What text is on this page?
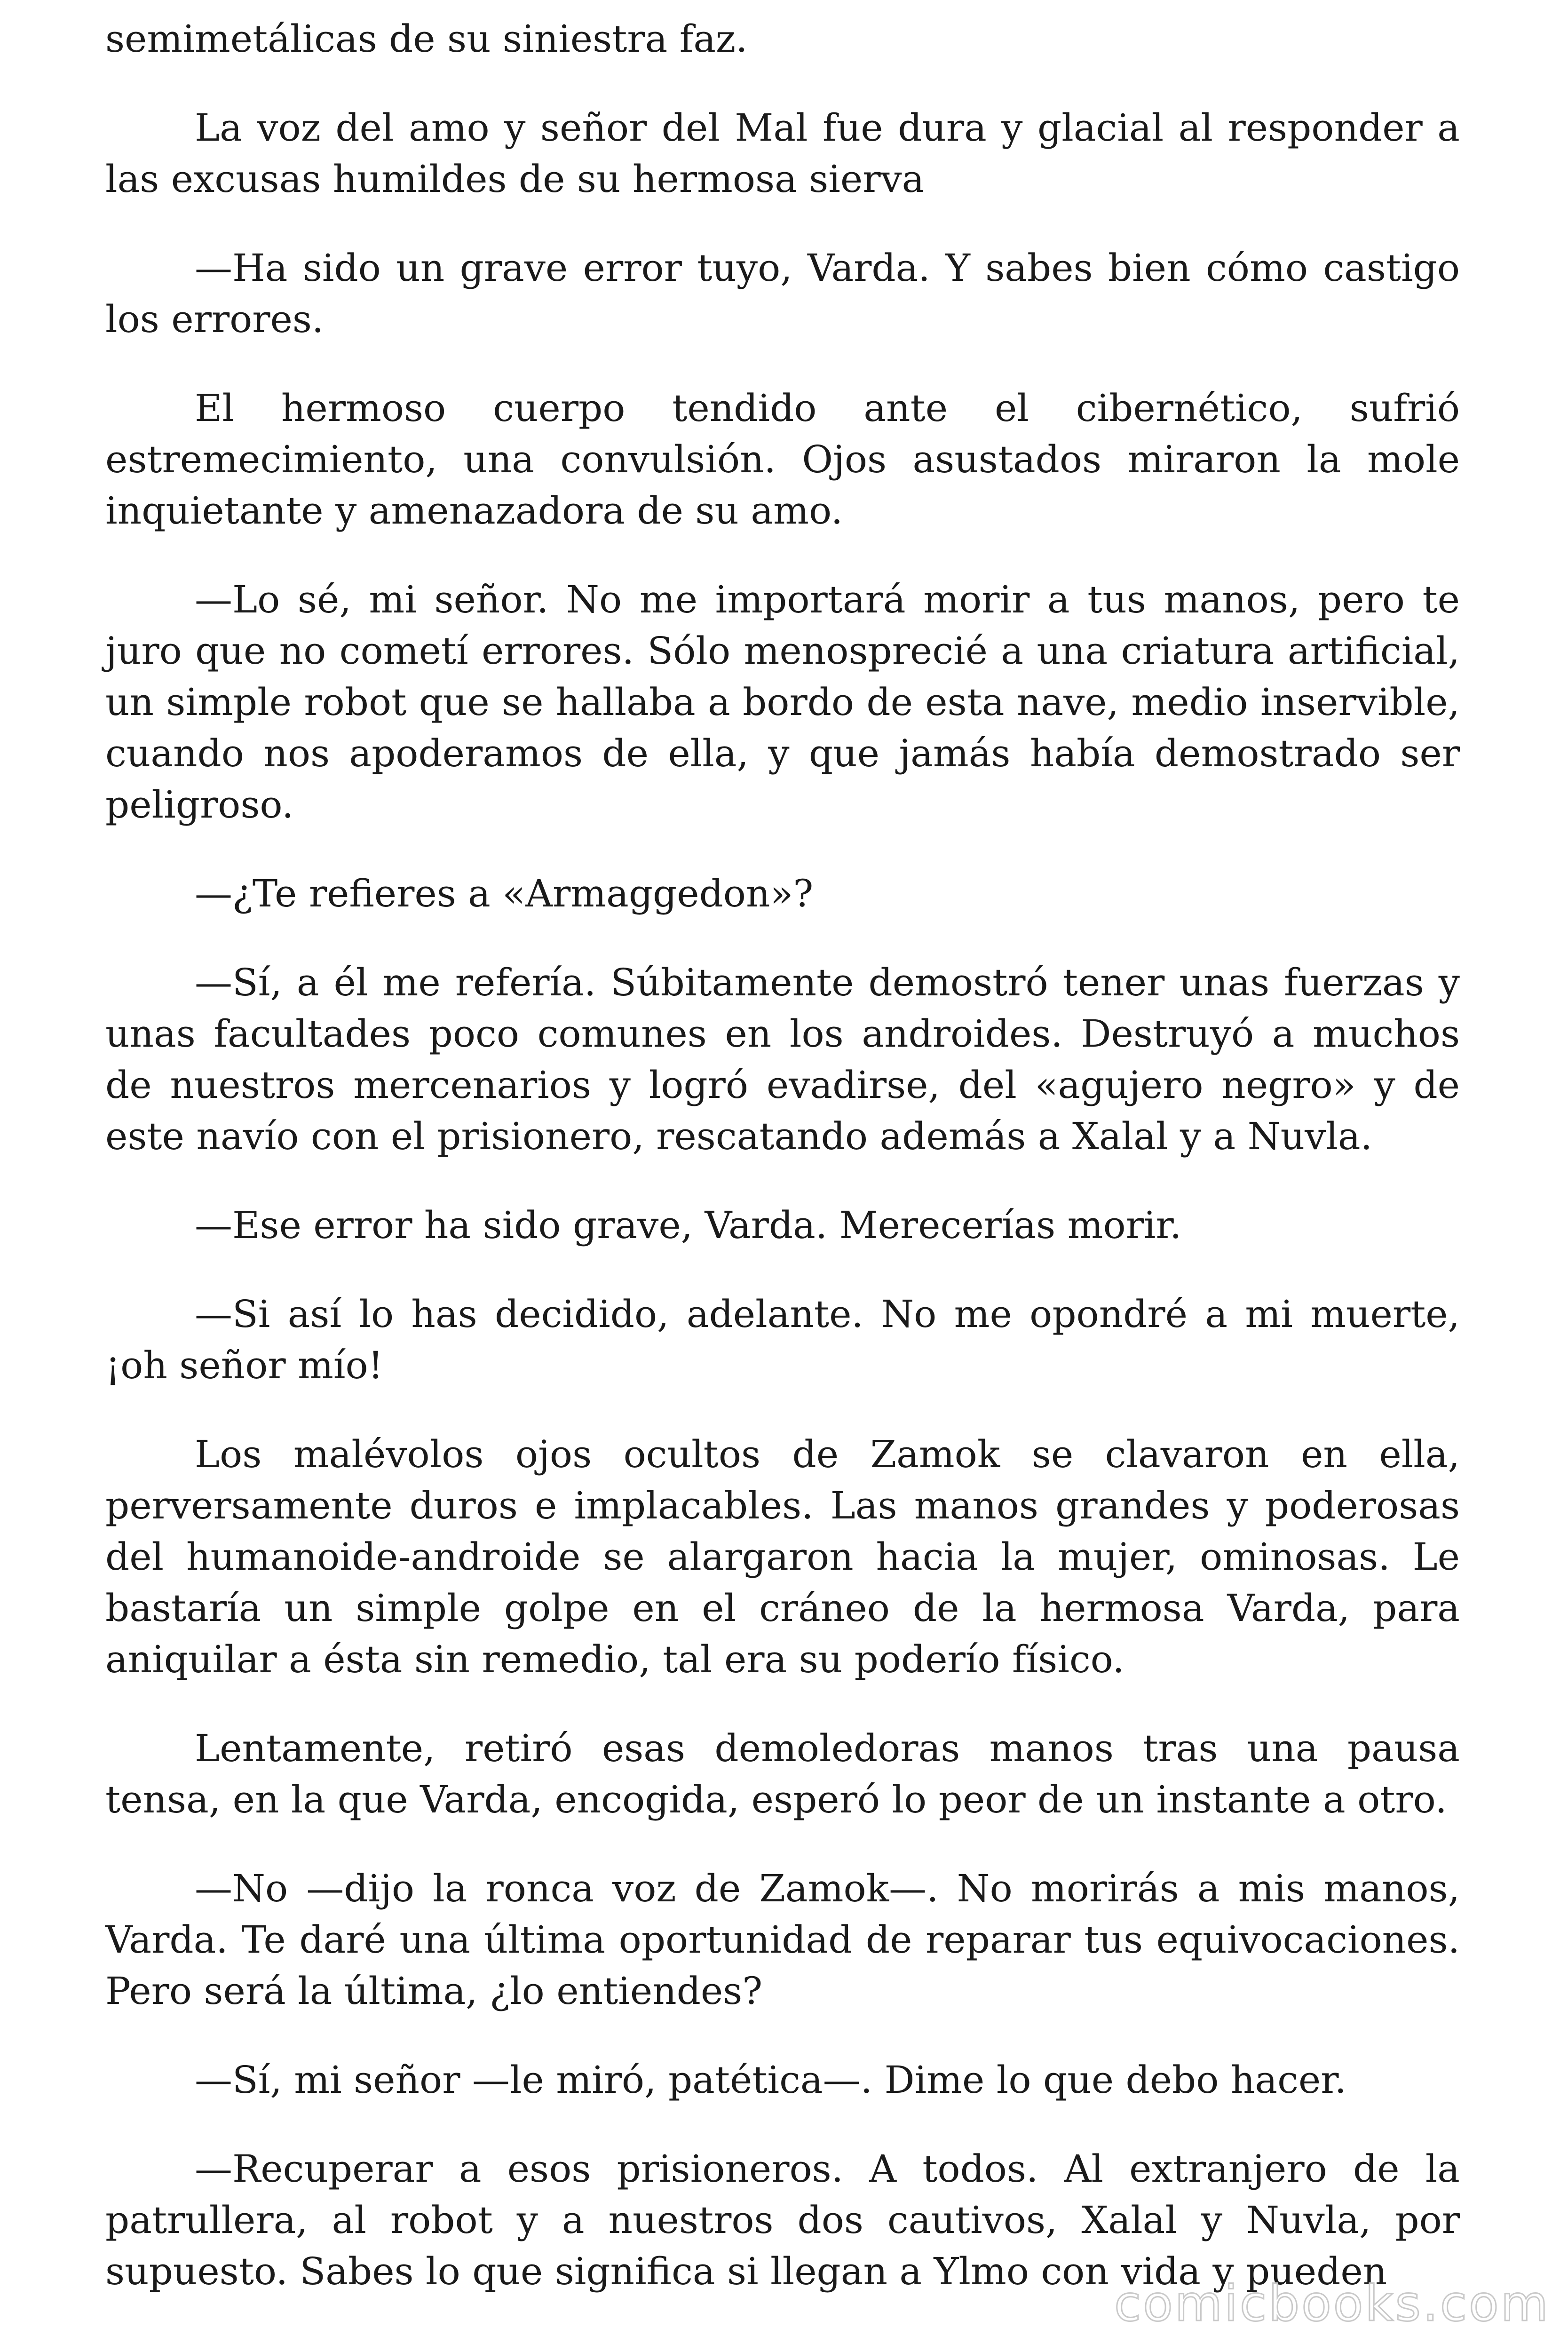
semimetálicas de su siniestra faz.

La voz del amo y señor del Mal fue dura y glacial al responder a las excusas humildes de su hermosa sierva

—Ha sido un grave error tuyo, Varda. Y sabes bien cómo castigo los errores.

El hermoso cuerpo tendido ante el cibernético, sufrió estremecimiento, una convulsión. Ojos asustados miraron la mole inquietante y amenazadora de su amo.

—Lo sé, mi señor. No me importará morir a tus manos, pero te juro que no cometí errores. Sólo menosprecié a una criatura artificial, un simple robot que se hallaba a bordo de esta nave, medio inservible, cuando nos apoderamos de ella, y que jamás había demostrado ser peligroso.

—¿Te refieres a «Armaggedon»?

—Sí, a él me refería. Súbitamente demostró tener unas fuerzas y unas facultades poco comunes en los androides. Destruyó a muchos de nuestros mercenarios y logró evadirse, del «agujero negro» y de este navío con el prisionero, rescatando además a Xalal y a Nuvla.

—Ese error ha sido grave, Varda. Merecerías morir.

—Si así lo has decidido, adelante. No me opondré a mi muerte, ¡oh señor mío!

Los malévolos ojos ocultos de Zamok se clavaron en ella, perversamente duros e implacables. Las manos grandes y poderosas del humanoide-androide se alargaron hacia la mujer, ominosas. Le bastaría un simple golpe en el cráneo de la hermosa Varda, para aniquilar a ésta sin remedio, tal era su poderío físico.

Lentamente, retiró esas demoledoras manos tras una pausa tensa, en la que Varda, encogida, esperó lo peor de un instante a otro.

—No —dijo la ronca voz de Zamok—. No morirás a mis manos, Varda. Te daré una última oportunidad de reparar tus equivocaciones. Pero será la última, ¿lo entiendes?

—Sí, mi señor —le miró, patética—. Dime lo que debo hacer.

—Recuperar a esos prisioneros. A todos. Al extranjero de la patrullera, al robot y a nuestros dos cautivos, Xalal y Nuvla, por supuesto. Sabes lo que significa si llegan a Ylmo con vida y pueden

comicbooks.com
